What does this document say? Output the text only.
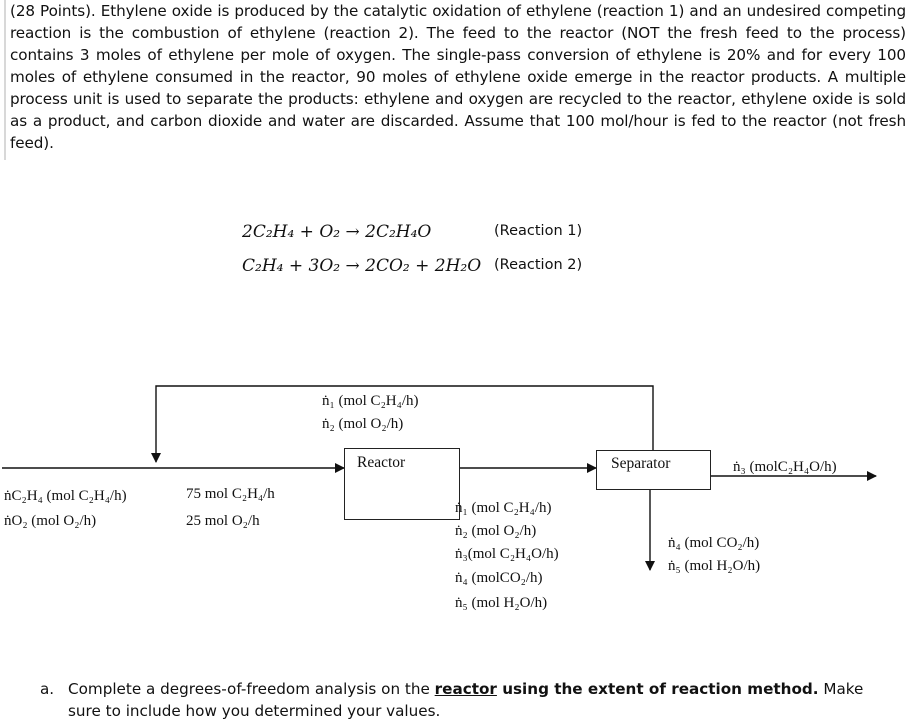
(28 Points). Ethylene oxide is produced by the catalytic oxidation of ethylene (reaction 1) and an undesired competing reaction is the combustion of ethylene (reaction 2). The feed to the reactor (NOT the fresh feed to the process) contains 3 moles of ethylene per mole of oxygen. The single-pass conversion of ethylene is 20% and for every 100 moles of ethylene consumed in the reactor, 90 moles of ethylene oxide emerge in the reactor products. A multiple process unit is used to separate the products: ethylene and oxygen are recycled to the reactor, ethylene oxide is sold as a product, and carbon dioxide and water are discarded. Assume that 100 mol/hour is fed to the reactor (not fresh feed).
2C₂H₄ + O₂ → 2C₂H₄O	(Reaction 1)
C₂H₄ + 3O₂ → 2CO₂ + 2H₂O (Reaction 2)
Reactor	Separator
ṅ₁ (mol C₂H₄/h)
ṅ₂ (mol O₂/h)
ṅC₂H₄ (mol C₂H₄/h)
ṅO₂ (mol O₂/h)
75 mol C₂H₄/h
25 mol O₂/h
ṅ₁ (mol C₂H₄/h)
ṅ₂ (mol O₂/h)
ṅ₃(mol C₂H₄O/h)
ṅ₄ (molCO₂/h)
ṅ₅ (mol H₂O/h)
ṅ₃ (molC₂H₄O/h)
ṅ₄ (mol CO₂/h)
ṅ₅ (mol H₂O/h)
a. Complete a degrees-of-freedom analysis on the reactor using the extent of reaction method. Make sure to include how you determined your values.
